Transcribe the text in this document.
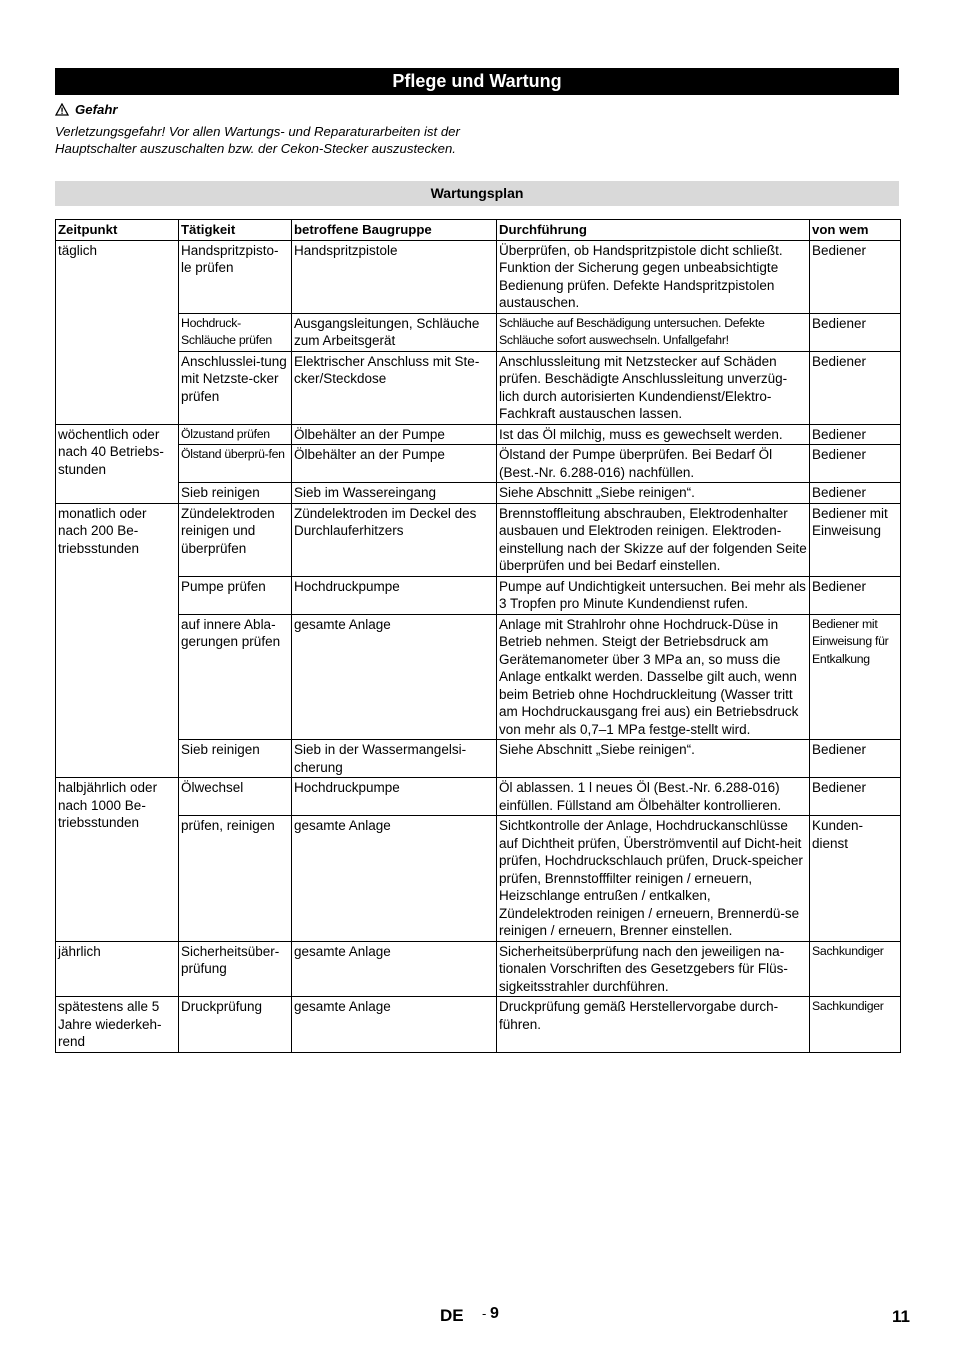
Pflege und Wartung
Gefahr
Verletzungsgefahr! Vor allen Wartungs- und Reparaturarbeiten ist der Hauptschalter auszuschalten bzw. der Cekon-Stecker auszustecken.
Wartungsplan
Zeitpunkt	Tätigkeit	betroffene Baugruppe	Durchführung	von wem
täglich	Handspritzpisto-le prüfen	Handspritzpistole	Überprüfen, ob Handspritzpistole dicht schließt. Funktion der Sicherung gegen unbeabsichtigte Bedienung prüfen. Defekte Handspritzpistolen austauschen.	Bediener
	Hochdruck-Schläuche prüfen	Ausgangsleitungen, Schläuche zum Arbeitsgerät	Schläuche auf Beschädigung untersuchen. Defekte Schläuche sofort auswechseln. Unfallgefahr!	Bediener
	Anschlusslei-tung mit Netzste-cker prüfen	Elektrischer Anschluss mit Ste-cker/Steckdose	Anschlussleitung mit Netzstecker auf Schäden prüfen. Beschädigte Anschlussleitung unverzüg-lich durch autorisierten Kundendienst/Elektro-Fachkraft austauschen lassen.	Bediener
wöchentlich oder nach 40 Betriebs-stunden	Ölzustand prüfen	Ölbehälter an der Pumpe	Ist das Öl milchig, muss es gewechselt werden.	Bediener
	Ölstand überprü-fen	Ölbehälter an der Pumpe	Ölstand der Pumpe überprüfen. Bei Bedarf Öl (Best.-Nr. 6.288-016) nachfüllen.	Bediener
	Sieb reinigen	Sieb im Wassereingang	Siehe Abschnitt „Siebe reinigen“.	Bediener
monatlich oder nach 200 Be-triebsstunden	Zündelektroden reinigen und überprüfen	Zündelektroden im Deckel des Durchlauferhitzers	Brennstoffleitung abschrauben, Elektrodenhalter ausbauen und Elektroden reinigen. Elektroden-einstellung nach der Skizze auf der folgenden Seite überprüfen und bei Bedarf einstellen.	Bediener mit Einweisung
	Pumpe prüfen	Hochdruckpumpe	Pumpe auf Undichtigkeit untersuchen. Bei mehr als 3 Tropfen pro Minute Kundendienst rufen.	Bediener
	auf innere Abla-gerungen prüfen	gesamte Anlage	Anlage mit Strahlrohr ohne Hochdruck-Düse in Betrieb nehmen. Steigt der Betriebsdruck am Gerätemanometer über 3 MPa an, so muss die Anlage entkalkt werden. Dasselbe gilt auch, wenn beim Betrieb ohne Hochdruckleitung (Wasser tritt am Hochdruckausgang frei aus) ein Betriebsdruck von mehr als 0,7–1 MPa festge-stellt wird.	Bediener mit Einweisung für Entkalkung
	Sieb reinigen	Sieb in der Wassermangelsi-cherung	Siehe Abschnitt „Siebe reinigen“.	Bediener
halbjährlich oder nach 1000 Be-triebsstunden	Ölwechsel	Hochdruckpumpe	Öl ablassen. 1 l neues Öl (Best.-Nr. 6.288-016) einfüllen. Füllstand am Ölbehälter kontrollieren.	Bediener
	prüfen, reinigen	gesamte Anlage	Sichtkontrolle der Anlage, Hochdruckanschlüsse auf Dichtheit prüfen, Überströmventil auf Dicht-heit prüfen, Hochdruckschlauch prüfen, Druck-speicher prüfen, Brennstofffilter reinigen / erneuern, Heizschlange entrußen / entkalken, Zündelektroden reinigen / erneuern, Brennerdü-se reinigen / erneuern, Brenner einstellen.	Kunden-dienst
jährlich	Sicherheitsüber-prüfung	gesamte Anlage	Sicherheitsüberprüfung nach den jeweiligen na-tionalen Vorschriften des Gesetzgebers für Flüs-sigkeitsstrahler durchführen.	Sachkundiger
spätestens alle 5 Jahre wiederkeh-rend	Druckprüfung	gesamte Anlage	Druckprüfung gemäß Herstellervorgabe durch-führen.	Sachkundiger
DE - 9	11
